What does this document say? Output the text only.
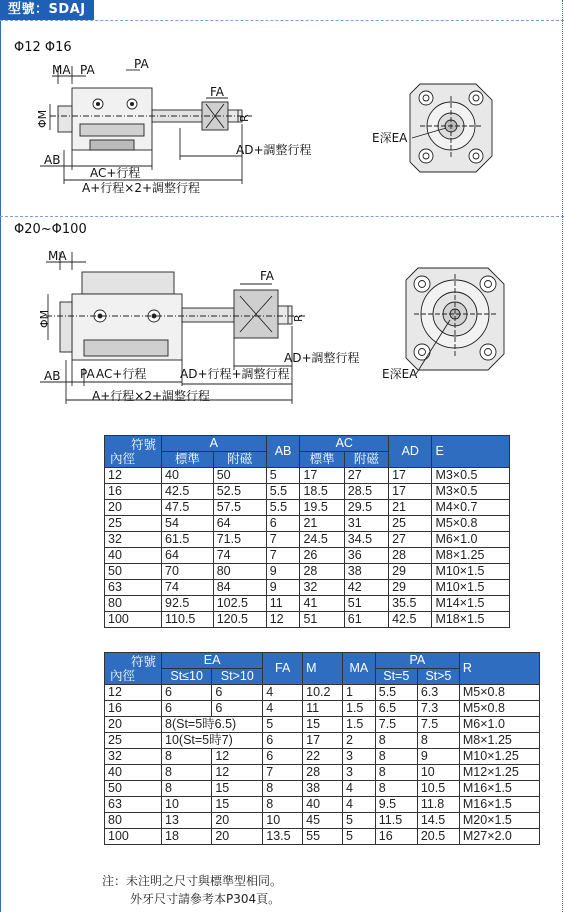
型號：SDAJ
Φ12 Φ16
MA PA	PA
FA
ΦM	R
AB
AC+行程
AD+調整行程
A+行程×2+調整行程
E深EA
Φ20~Φ100
MA
FA
ΦM	R
AB PA AC+行程	AD+行程+調整行程
AD+調整行程
A+行程×2+調整行程
E深EA
符號
內徑	A		AB	AC		AD	E
	標準	附磁		標準	附磁		
12	40	50	5	17	27	17	M3×0.5
16	42.5	52.5	5.5	18.5	28.5	17	M3×0.5
20	47.5	57.5	5.5	19.5	29.5	21	M4×0.7
25	54	64	6	21	31	25	M5×0.8
32	61.5	71.5	7	24.5	34.5	27	M6×1.0
40	64	74	7	26	36	28	M8×1.25
50	70	80	9	28	38	29	M10×1.5
63	74	84	9	32	42	29	M10×1.5
80	92.5	102.5	11	41	51	35.5	M14×1.5
100	110.5	120.5	12	51	61	42.5	M18×1.5
符號
內徑	EA		FA	M	MA	PA		R
	St≤10	St>10				St=5	St>5	
12	6	6	4	10.2	1	5.5	6.3	M5×0.8
16	6	6	4	11	1.5	6.5	7.3	M5×0.8
20	8(St=5時6.5)		5	15	1.5	7.5	7.5	M6×1.0
25	10(St=5時7)		6	17	2	8	8	M8×1.25
32	8	12	6	22	3	8	9	M10×1.25
40	8	12	7	28	3	8	10	M12×1.25
50	8	15	8	38	4	8	10.5	M16×1.5
63	10	15	8	40	4	9.5	11.8	M16×1.5
80	13	20	10	45	5	11.5	14.5	M20×1.5
100	18	20	13.5	55	5	16	20.5	M27×2.0
注：未注明之尺寸與標準型相同。
外牙尺寸請參考本P304頁。
